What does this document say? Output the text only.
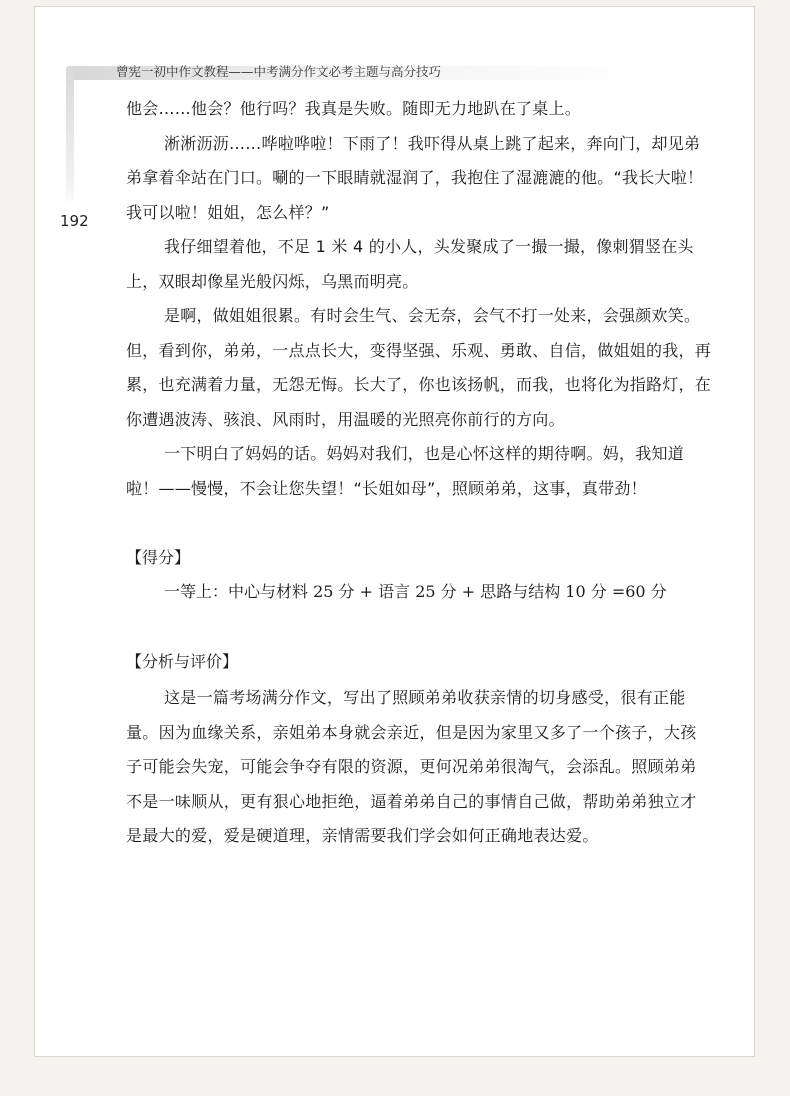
曾宪一初中作文教程——中考满分作文必考主题与高分技巧
192

他会……他会？他行吗？我真是失败。随即无力地趴在了桌上。

淅淅沥沥……哗啦哗啦！下雨了！我吓得从桌上跳了起来，奔向门，却见弟弟拿着伞站在门口。唰的一下眼睛就湿润了，我抱住了湿漉漉的他。“我长大啦！我可以啦！姐姐，怎么样？”

我仔细望着他，不足 1 米 4 的小人，头发聚成了一撮一撮，像刺猬竖在头上，双眼却像星光般闪烁，乌黑而明亮。

是啊，做姐姐很累。有时会生气、会无奈，会气不打一处来，会强颜欢笑。但，看到你，弟弟，一点点长大，变得坚强、乐观、勇敢、自信，做姐姐的我，再累，也充满着力量，无怨无悔。长大了，你也该扬帆，而我，也将化为指路灯，在你遭遇波涛、骇浪、风雨时，用温暖的光照亮你前行的方向。

一下明白了妈妈的话。妈妈对我们，也是心怀这样的期待啊。妈，我知道啦！——慢慢，不会让您失望！“长姐如母”，照顾弟弟，这事，真带劲！

【得分】
一等上：中心与材料 25 分 + 语言 25 分 + 思路与结构 10 分 =60 分
【分析与评价】

这是一篇考场满分作文，写出了照顾弟弟收获亲情的切身感受，很有正能量。因为血缘关系，亲姐弟本身就会亲近，但是因为家里又多了一个孩子，大孩子可能会失宠，可能会争夺有限的资源，更何况弟弟很淘气，会添乱。照顾弟弟不是一味顺从，更有狠心地拒绝，逼着弟弟自己的事情自己做，帮助弟弟独立才是最大的爱，爱是硬道理，亲情需要我们学会如何正确地表达爱。
